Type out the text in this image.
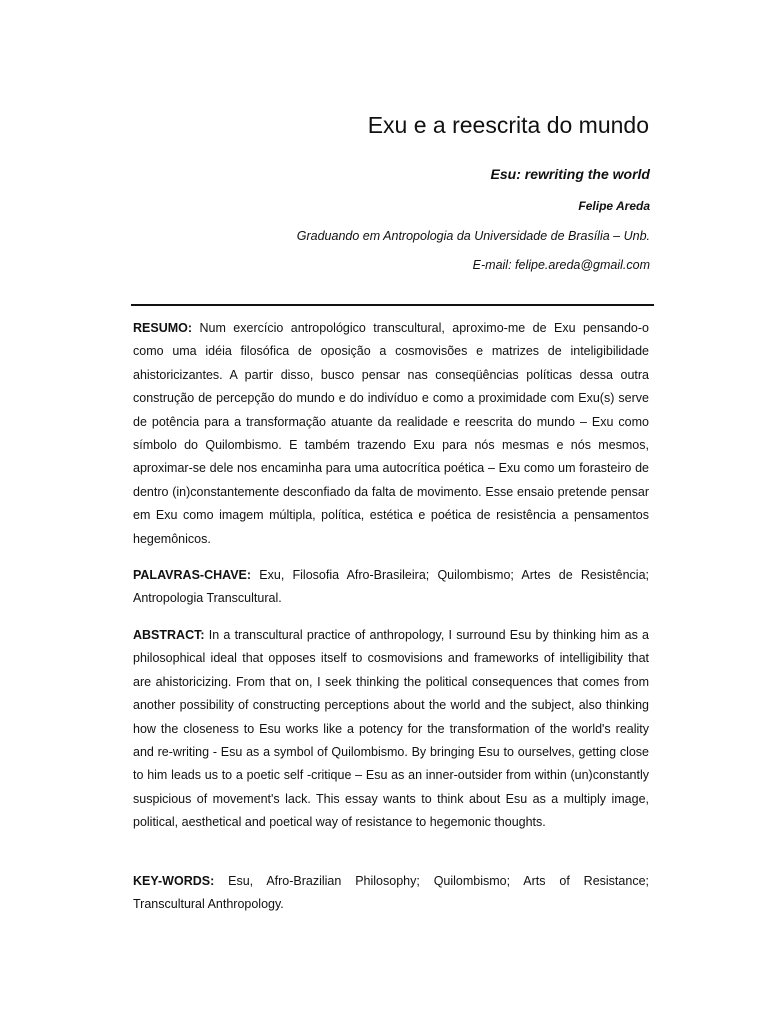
Exu e a reescrita do mundo
Esu: rewriting the world
Felipe Areda
Graduando em Antropologia da Universidade de Brasília – Unb.
E-mail: felipe.areda@gmail.com

RESUMO: Num exercício antropológico transcultural, aproximo-me de Exu pensando-o como uma idéia filosófica de oposição a cosmovisões e matrizes de inteligibilidade ahistoricizantes. A partir disso, busco pensar nas conseqüências políticas dessa outra construção de percepção do mundo e do indivíduo e como a proximidade com Exu(s) serve de potência para a transformação atuante da realidade e reescrita do mundo – Exu como símbolo do Quilombismo. E também trazendo Exu para nós mesmas e nós mesmos, aproximar-se dele nos encaminha para uma autocrítica poética – Exu como um forasteiro de dentro (in)constantemente desconfiado da falta de movimento. Esse ensaio pretende pensar em Exu como imagem múltipla, política, estética e poética de resistência a pensamentos hegemônicos.

PALAVRAS-CHAVE: Exu, Filosofia Afro-Brasileira; Quilombismo; Artes de Resistência; Antropologia Transcultural.

ABSTRACT: In a transcultural practice of anthropology, I surround Esu by thinking him as a philosophical ideal that opposes itself to cosmovisions and frameworks of intelligibility that are ahistoricizing. From that on, I seek thinking the political consequences that comes from another possibility of constructing perceptions about the world and the subject, also thinking how the closeness to Esu works like a potency for the transformation of the world's reality and re-writing - Esu as a symbol of Quilombismo. By bringing Esu to ourselves, getting close to him leads us to a poetic self -critique – Esu as an inner-outsider from within (un)constantly suspicious of movement's lack. This essay wants to think about Esu as a multiply image, political, aesthetical and poetical way of resistance to hegemonic thoughts.

KEY-WORDS: Esu, Afro-Brazilian Philosophy; Quilombismo; Arts of Resistance; Transcultural Anthropology.
